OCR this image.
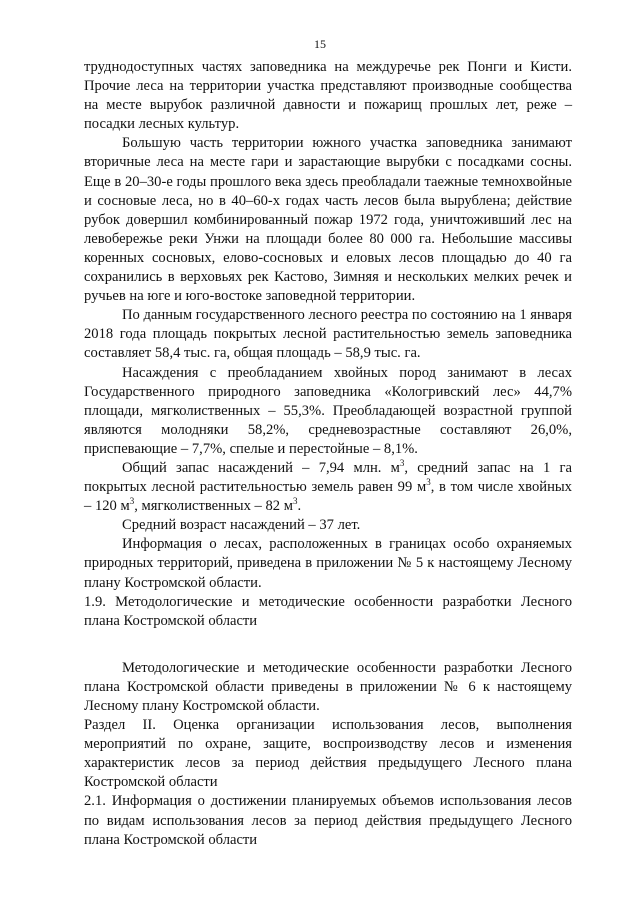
15

труднодоступных частях заповедника на междуречье рек Понги и Кисти. Прочие леса на территории участка представляют производные сообщества на месте вырубок различной давности и пожарищ прошлых лет, реже – посадки лесных культур.

Большую часть территории южного участка заповедника занимают вторичные леса на месте гари и зарастающие вырубки с посадками сосны. Еще в 20–30-е годы прошлого века здесь преобладали таежные темнохвойные и сосновые леса, но в 40–60-х годах часть лесов была вырублена; действие рубок довершил комбинированный пожар 1972 года, уничтоживший лес на левобережье реки Унжи на площади более 80 000 га. Небольшие массивы коренных сосновых, елово-сосновых и еловых лесов площадью до 40 га сохранились в верховьях рек Кастово, Зимняя и нескольких мелких речек и ручьев на юге и юго-востоке заповедной территории.

По данным государственного лесного реестра по состоянию на 1 января 2018 года площадь покрытых лесной растительностью земель заповедника составляет 58,4 тыс. га, общая площадь – 58,9 тыс. га.

Насаждения с преобладанием хвойных пород занимают в лесах Государственного природного заповедника «Кологривский лес» 44,7% площади, мягколиственных – 55,3%. Преобладающей возрастной группой являются молодняки 58,2%, средневозрастные составляют 26,0%, приспевающие – 7,7%, спелые и перестойные – 8,1%.

Общий запас насаждений – 7,94 млн. $м^3$, средний запас на 1 га покрытых лесной растительностью земель равен 99 $м^3$, в том числе хвойных – 120 $м^3$, мягколиственных – 82 $м^3$.

Средний возраст насаждений – 37 лет.

Информация о лесах, расположенных в границах особо охраняемых природных территорий, приведена в приложении № 5 к настоящему Лесному плану Костромской области.

1.9. Методологические и методические особенности разработки Лесного плана Костромской области

Методологические и методические особенности разработки Лесного плана Костромской области приведены в приложении № 6 к настоящему Лесному плану Костромской области.

Раздел II. Оценка организации использования лесов, выполнения мероприятий по охране, защите, воспроизводству лесов и изменения характеристик лесов за период действия предыдущего Лесного плана Костромской области

2.1. Информация о достижении планируемых объемов использования лесов по видам использования лесов за период действия предыдущего Лесного плана Костромской области
